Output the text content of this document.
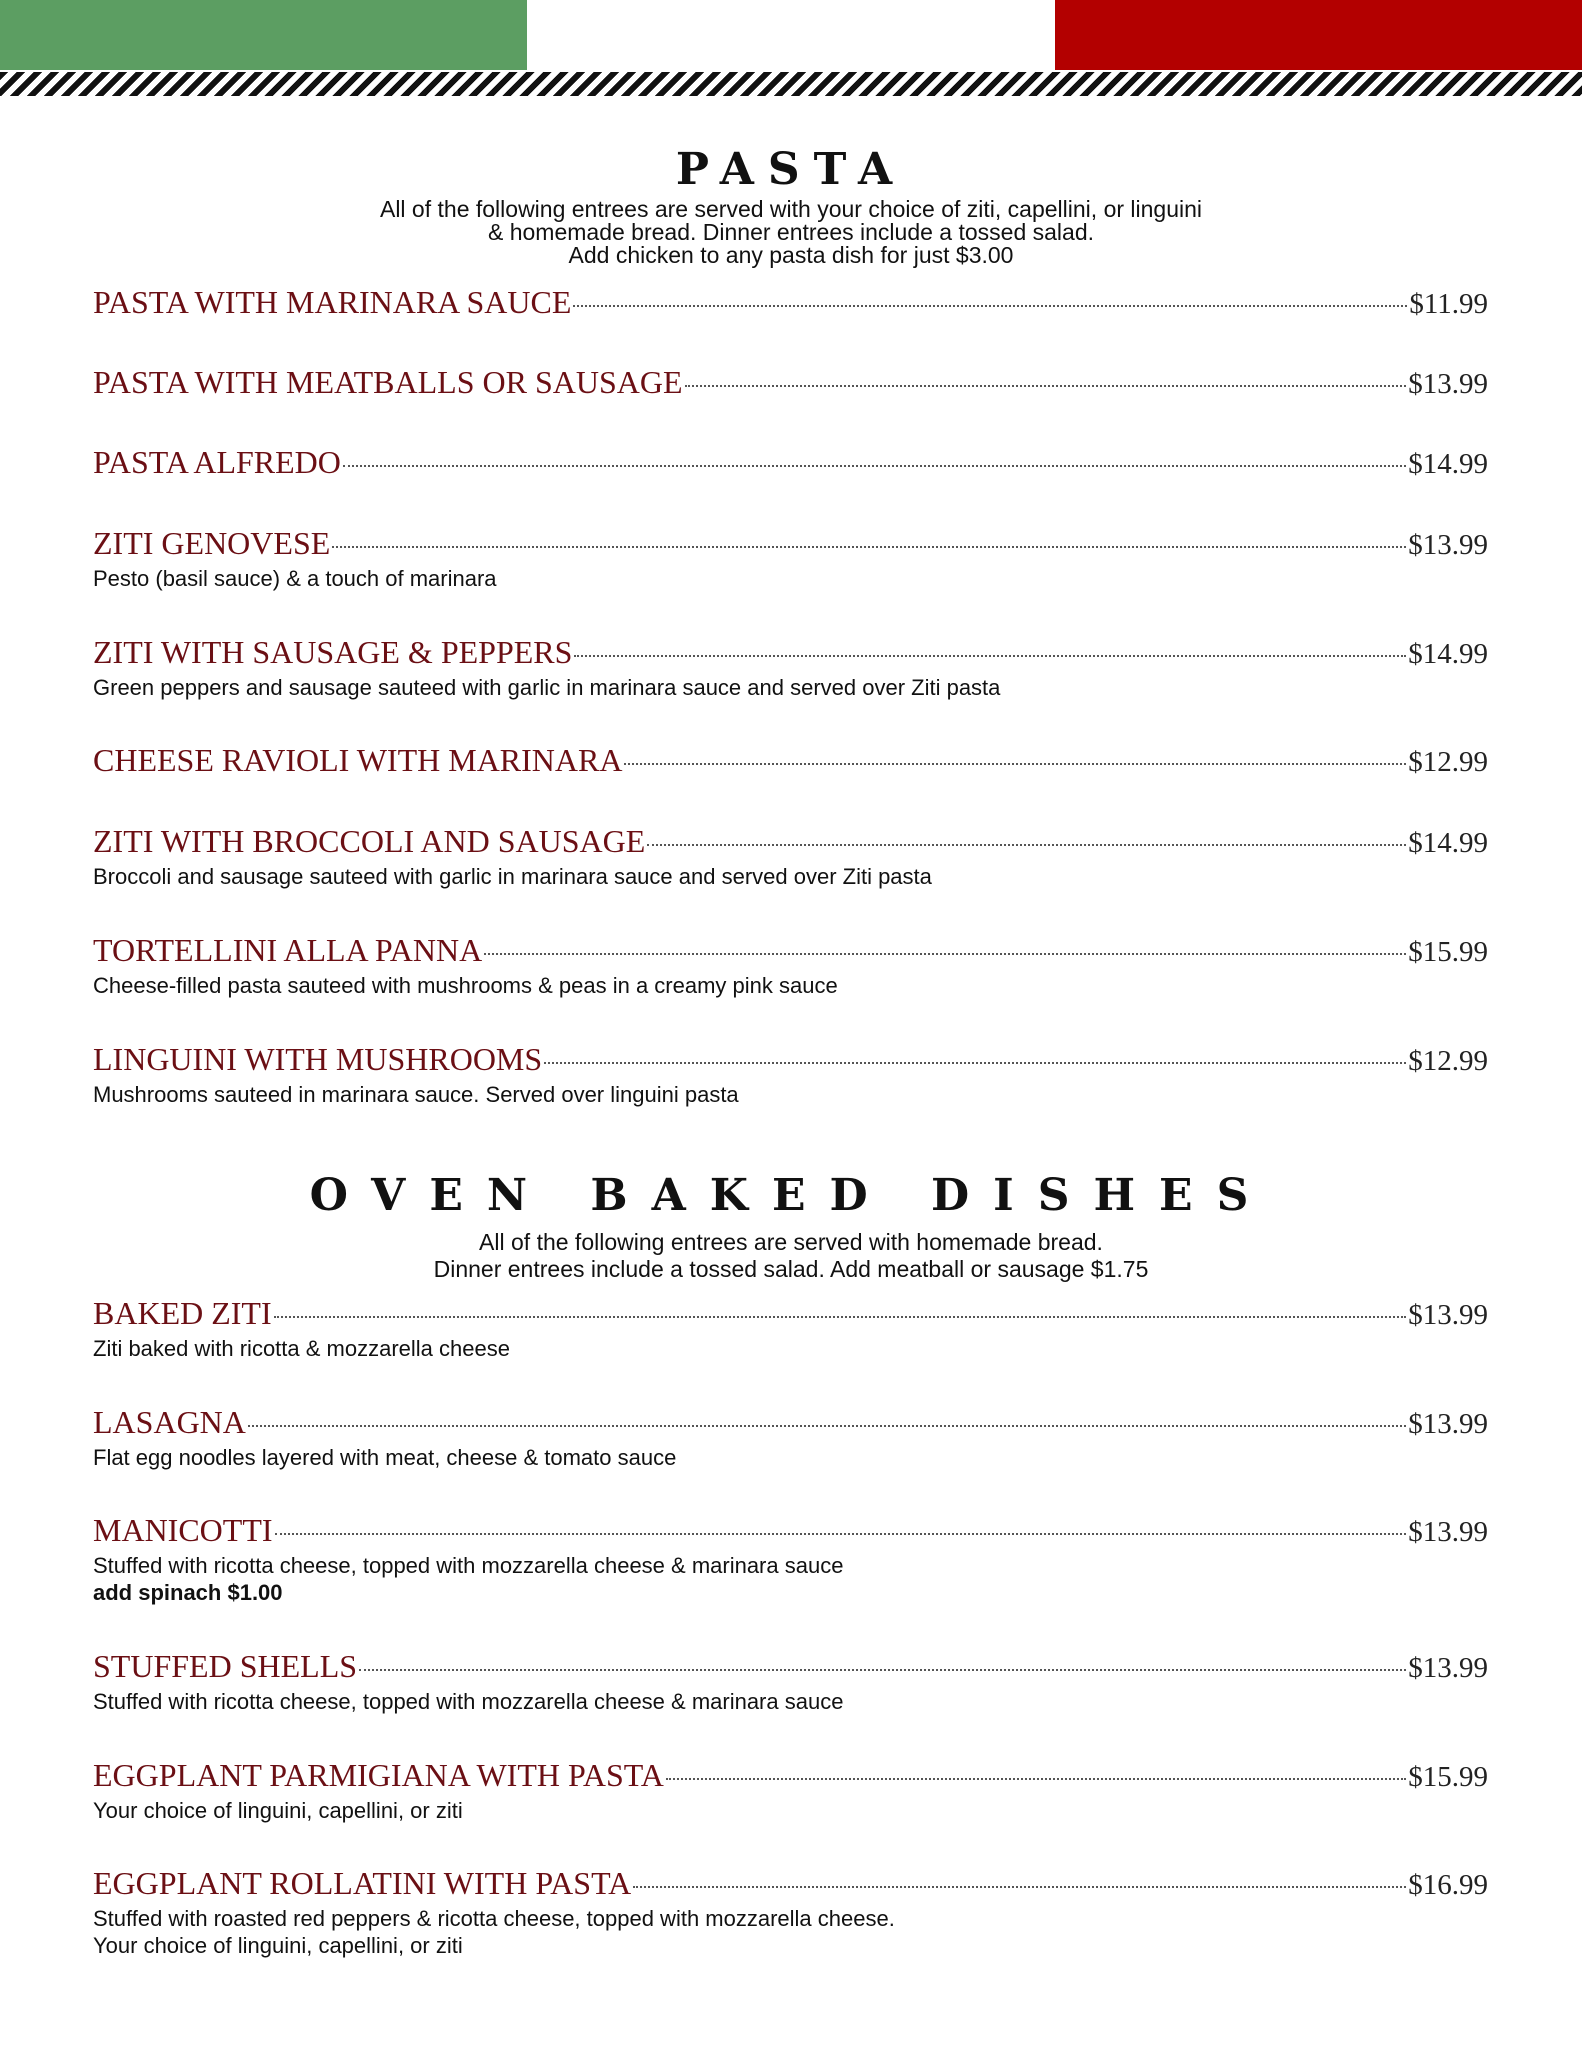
PASTA
All of the following entrees are served with your choice of ziti, capellini, or linguini
& homemade bread. Dinner entrees include a tossed salad.
Add chicken to any pasta dish for just $3.00
PASTA WITH MARINARA SAUCE	$11.99
PASTA WITH MEATBALLS OR SAUSAGE	$13.99
PASTA ALFREDO	$14.99
ZITI GENOVESE	$13.99
Pesto (basil sauce) & a touch of marinara
ZITI WITH SAUSAGE & PEPPERS	$14.99
Green peppers and sausage sauteed with garlic in marinara sauce and served over Ziti pasta
CHEESE RAVIOLI WITH MARINARA	$12.99
ZITI WITH BROCCOLI AND SAUSAGE	$14.99
Broccoli and sausage sauteed with garlic in marinara sauce and served over Ziti pasta
TORTELLINI ALLA PANNA	$15.99
Cheese-filled pasta sauteed with mushrooms & peas in a creamy pink sauce
LINGUINI WITH MUSHROOMS	$12.99
Mushrooms sauteed in marinara sauce. Served over linguini pasta
OVEN BAKED DISHES
All of the following entrees are served with homemade bread.
Dinner entrees include a tossed salad. Add meatball or sausage $1.75
BAKED ZITI	$13.99
Ziti baked with ricotta & mozzarella cheese
LASAGNA	$13.99
Flat egg noodles layered with meat, cheese & tomato sauce
MANICOTTI	$13.99
Stuffed with ricotta cheese, topped with mozzarella cheese & marinara sauce
add spinach $1.00
STUFFED SHELLS	$13.99
Stuffed with ricotta cheese, topped with mozzarella cheese & marinara sauce
EGGPLANT PARMIGIANA WITH PASTA	$15.99
Your choice of linguini, capellini, or ziti
EGGPLANT ROLLATINI WITH PASTA	$16.99
Stuffed with roasted red peppers & ricotta cheese, topped with mozzarella cheese.
Your choice of linguini, capellini, or ziti
